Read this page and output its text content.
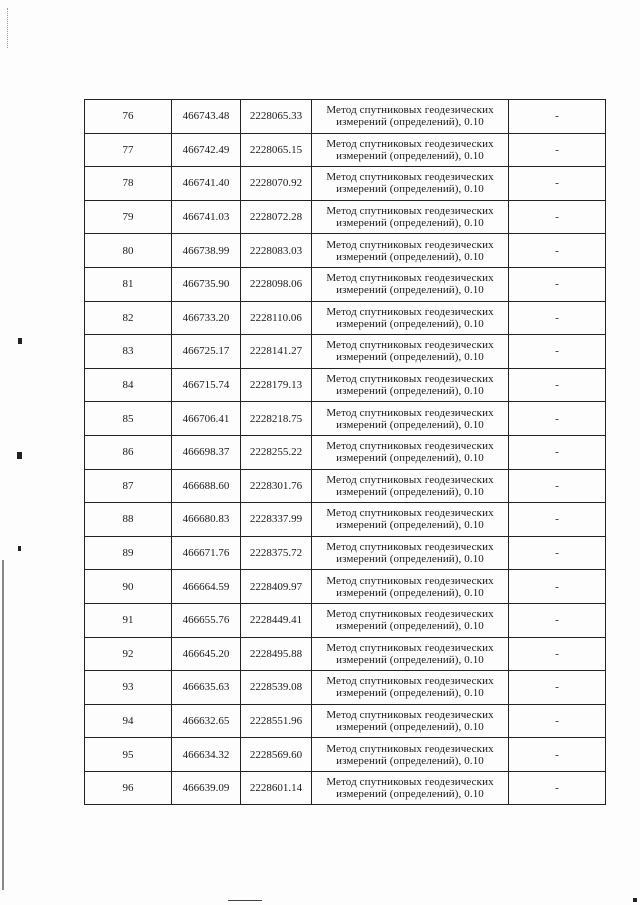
76	466743.48	2228065.33	Метод спутниковых геодезических
измерений (определений), 0.10	-
77	466742.49	2228065.15	Метод спутниковых геодезических
измерений (определений), 0.10	-
78	466741.40	2228070.92	Метод спутниковых геодезических
измерений (определений), 0.10	-
79	466741.03	2228072.28	Метод спутниковых геодезических
измерений (определений), 0.10	-
80	466738.99	2228083.03	Метод спутниковых геодезических
измерений (определений), 0.10	-
81	466735.90	2228098.06	Метод спутниковых геодезических
измерений (определений), 0.10	-
82	466733.20	2228110.06	Метод спутниковых геодезических
измерений (определений), 0.10	-
83	466725.17	2228141.27	Метод спутниковых геодезических
измерений (определений), 0.10	-
84	466715.74	2228179.13	Метод спутниковых геодезических
измерений (определений), 0.10	-
85	466706.41	2228218.75	Метод спутниковых геодезических
измерений (определений), 0.10	-
86	466698.37	2228255.22	Метод спутниковых геодезических
измерений (определений), 0.10	-
87	466688.60	2228301.76	Метод спутниковых геодезических
измерений (определений), 0.10	-
88	466680.83	2228337.99	Метод спутниковых геодезических
измерений (определений), 0.10	-
89	466671.76	2228375.72	Метод спутниковых геодезических
измерений (определений), 0.10	-
90	466664.59	2228409.97	Метод спутниковых геодезических
измерений (определений), 0.10	-
91	466655.76	2228449.41	Метод спутниковых геодезических
измерений (определений), 0.10	-
92	466645.20	2228495.88	Метод спутниковых геодезических
измерений (определений), 0.10	-
93	466635.63	2228539.08	Метод спутниковых геодезических
измерений (определений), 0.10	-
94	466632.65	2228551.96	Метод спутниковых геодезических
измерений (определений), 0.10	-
95	466634.32	2228569.60	Метод спутниковых геодезических
измерений (определений), 0.10	-
96	466639.09	2228601.14	Метод спутниковых геодезических
измерений (определений), 0.10	-
